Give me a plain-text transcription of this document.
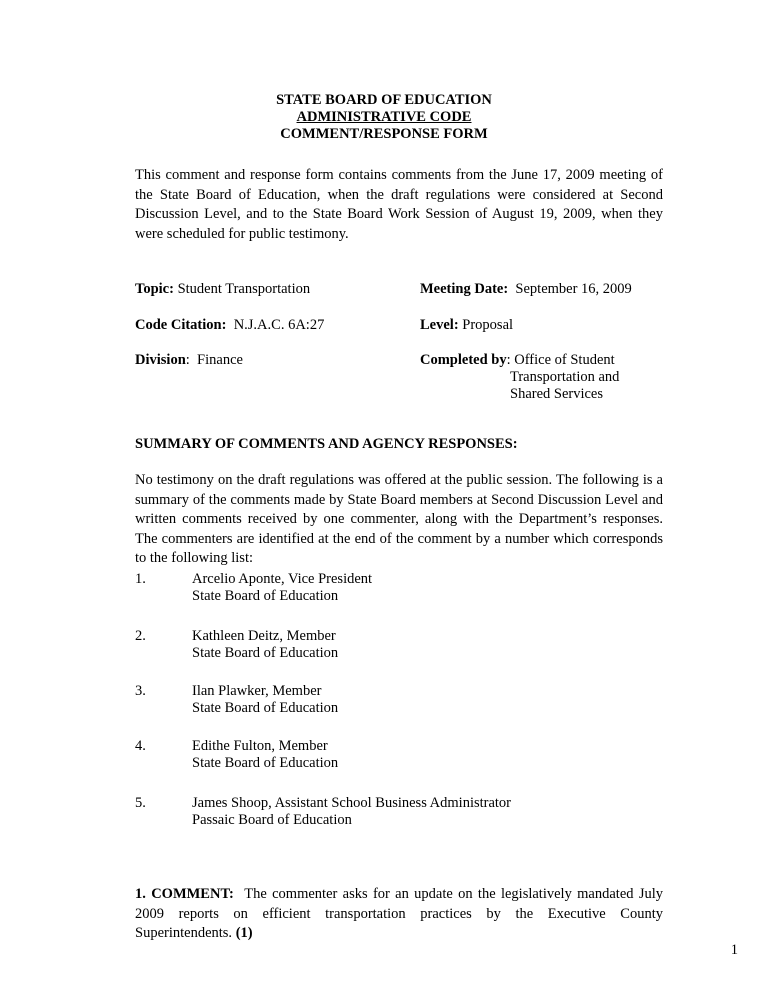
STATE BOARD OF EDUCATION
ADMINISTRATIVE CODE
COMMENT/RESPONSE FORM
This comment and response form contains comments from the June 17, 2009 meeting of the State Board of Education, when the draft regulations were considered at Second Discussion Level, and to the State Board Work Session of August 19, 2009, when they were scheduled for public testimony.
Topic: Student Transportation	Meeting Date: September 16, 2009
Code Citation: N.J.A.C. 6A:27	Level: Proposal
Division:  Finance	Completed by: Office of Student
Transportation and
Shared Services
SUMMARY OF COMMENTS AND AGENCY RESPONSES:
No testimony on the draft regulations was offered at the public session. The following is a summary of the comments made by State Board members at Second Discussion Level and written comments received by one commenter, along with the Department’s responses. The commenters are identified at the end of the comment by a number which corresponds to the following list:
1.	Arcelio Aponte, Vice President
State Board of Education
2.	Kathleen Deitz, Member
State Board of Education
3.	Ilan Plawker, Member
State Board of Education
4.	Edithe Fulton, Member
State Board of Education
5.	James Shoop, Assistant School Business Administrator
Passaic Board of Education
1. COMMENT: The commenter asks for an update on the legislatively mandated July 2009 reports on efficient transportation practices by the Executive County Superintendents. (1)
1
